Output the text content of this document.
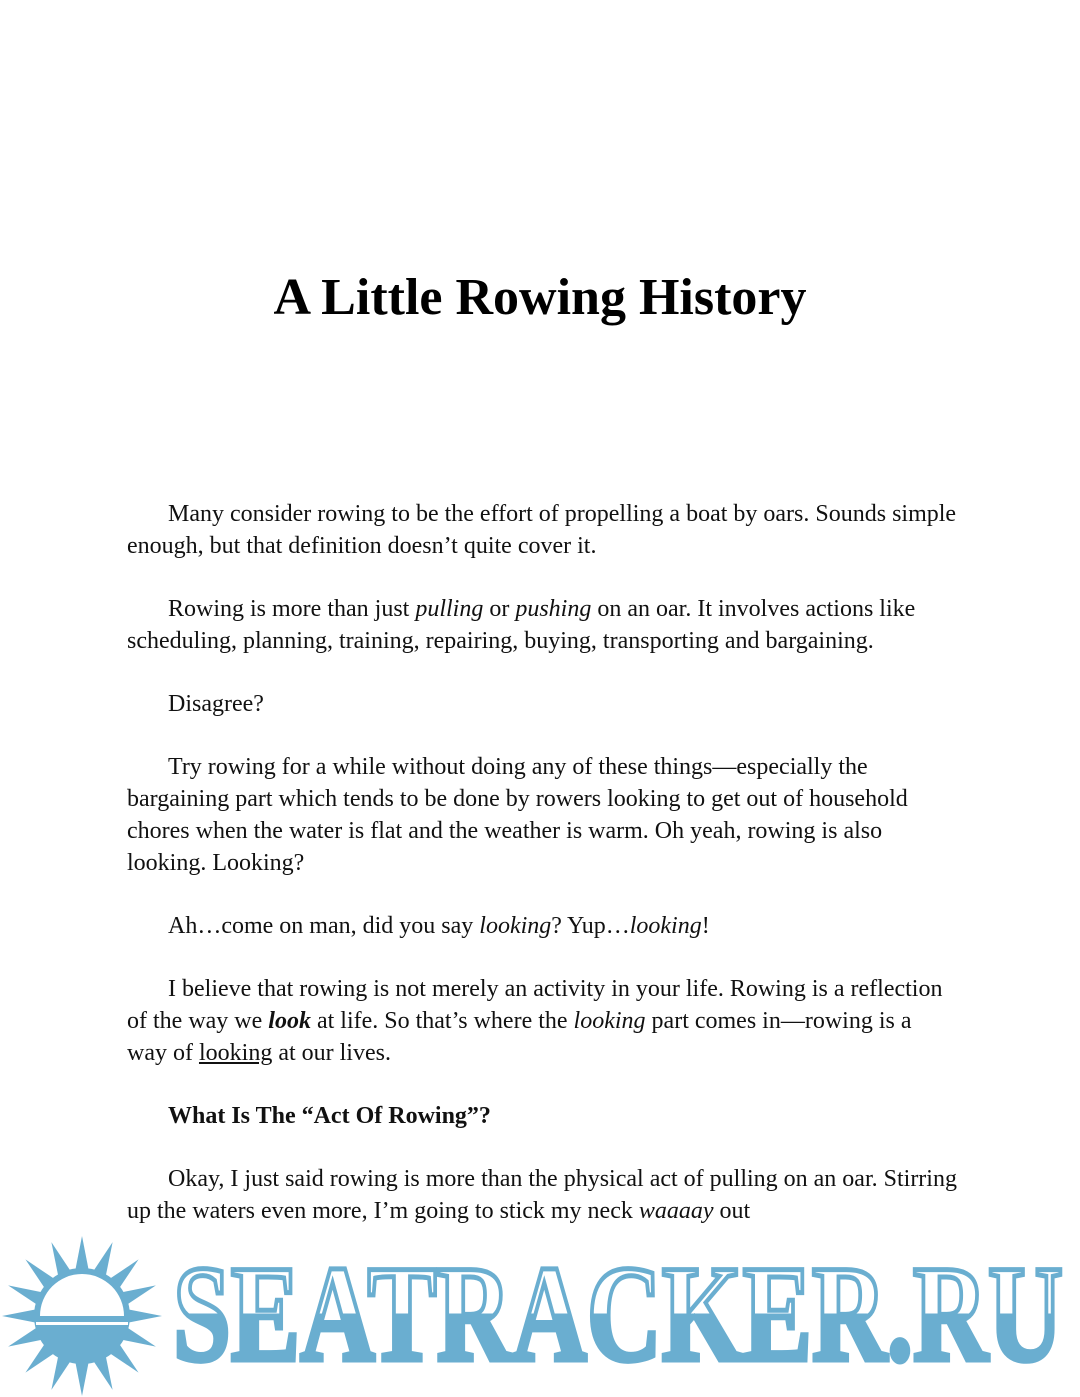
A Little Rowing History

Many consider rowing to be the effort of propelling a boat by oars. Sounds simple enough, but that definition doesn’t quite cover it.

Rowing is more than just pulling or pushing on an oar. It involves actions like scheduling, planning, training, repairing, buying, transporting and bargaining.

Disagree?

Try rowing for a while without doing any of these things—especially the bargaining part which tends to be done by rowers looking to get out of household chores when the water is flat and the weather is warm. Oh yeah, rowing is also looking. Looking?

Ah…come on man, did you say looking? Yup…looking!

I believe that rowing is not merely an activity in your life. Rowing is a reflection of the way we look at life. So that’s where the looking part comes in—rowing is a way of looking at our lives.

What Is The “Act Of Rowing”?

Okay, I just said rowing is more than the physical act of pulling on an oar. Stirring up the waters even more, I’m going to stick my neck waaaay out

SEATRACKER.RU
